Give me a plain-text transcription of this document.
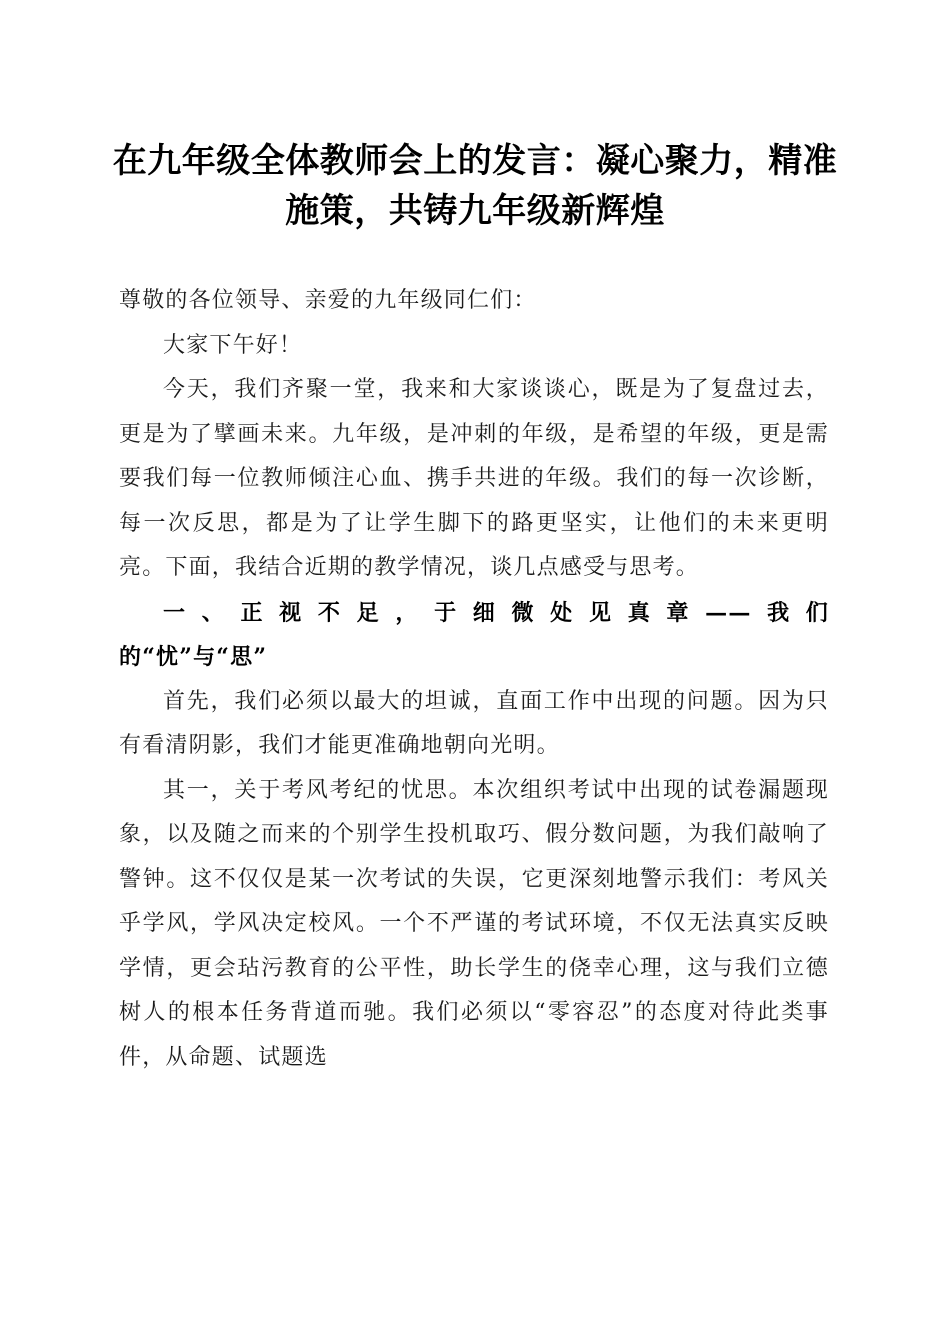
在九年级全体教师会上的发言：凝心聚力，精准施策，共铸九年级新辉煌

尊敬的各位领导、亲爱的九年级同仁们：

大家下午好！

今天，我们齐聚一堂，我来和大家谈谈心，既是为了复盘过去，更是为了擘画未来。九年级，是冲刺的年级，是希望的年级，更是需要我们每一位教师倾注心血、携手共进的年级。我们的每一次诊断，每一次反思，都是为了让学生脚下的路更坚实，让他们的未来更明亮。下面，我结合近期的教学情况，谈几点感受与思考。

一、正视不足，于细微处见真章——我们
的“忧”与“思”

首先，我们必须以最大的坦诚，直面工作中出现的问题。因为只有看清阴影，我们才能更准确地朝向光明。

其一，关于考风考纪的忧思。本次组织考试中出现的试卷漏题现象，以及随之而来的个别学生投机取巧、假分数问题，为我们敲响了警钟。这不仅仅是某一次考试的失误，它更深刻地警示我们：考风关乎学风，学风决定校风。一个不严谨的考试环境，不仅无法真实反映学情，更会玷污教育的公平性，助长学生的侥幸心理，这与我们立德树人的根本任务背道而驰。我们必须以“零容忍”的态度对待此类事件，从命题、试题选
